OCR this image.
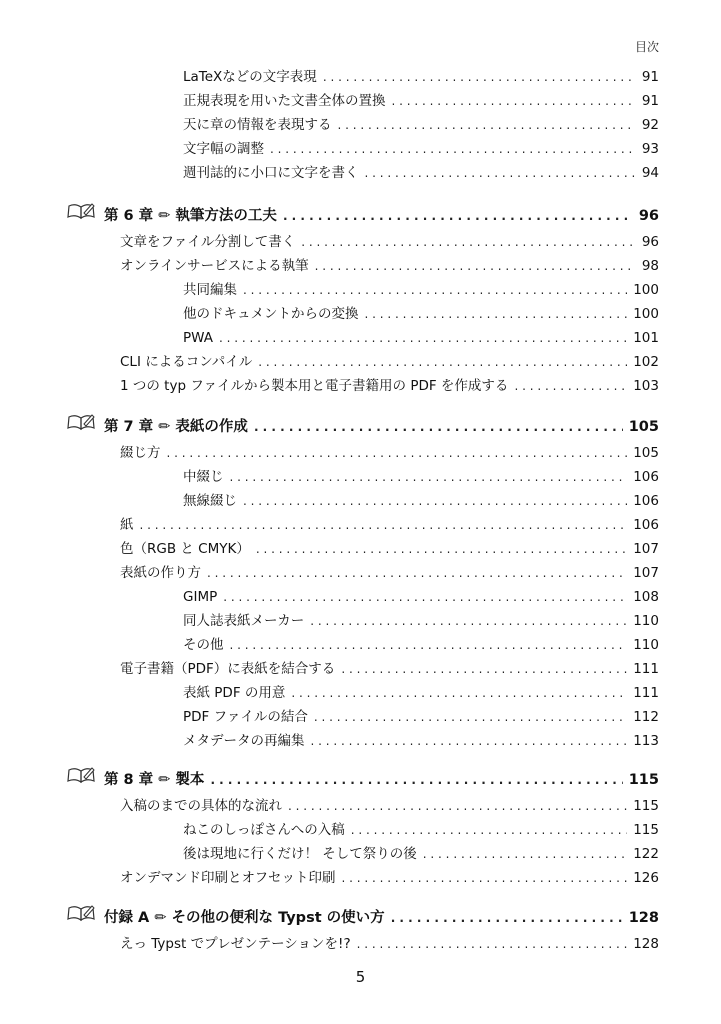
目次
LaTeXなどの文字表現 . . .	91
正規表現を用いた文書全体の置換 . . .	91
天に章の情報を表現する . . .	92
文字幅の調整 . . .	93
週刊誌的に小口に文字を書く . . .	94
第 6 章 ✏ 執筆方法の工夫 . . .	96
文章をファイル分割して書く . . .	96
オンラインサービスによる執筆 . . .	98
共同編集 . . .	100
他のドキュメントからの変換 . . .	100
PWA . . .	101
CLI によるコンパイル . . .	102
1 つの typ ファイルから製本用と電子書籍用の PDF を作成する . . .	103
第 7 章 ✏ 表紙の作成 . . .	105
綴じ方 . . .	105
中綴じ . . .	106
無線綴じ . . .	106
紙 . . .	106
色（RGB と CMYK） . . .	107
表紙の作り方 . . .	107
GIMP . . .	108
同人誌表紙メーカー . . .	110
その他 . . .	110
電子書籍（PDF）に表紙を結合する . . .	111
表紙 PDF の用意 . . .	111
PDF ファイルの結合 . . .	112
メタデータの再編集 . . .	113
第 8 章 ✏ 製本 . . .	115
入稿のまでの具体的な流れ . . .	115
ねこのしっぽさんへの入稿 . . .	115
後は現地に行くだけ！ そして祭りの後 . . .	122
オンデマンド印刷とオフセット印刷 . . .	126
付録 A ✏ その他の便利な Typst の使い方 . . .	128
えっ Typst でプレゼンテーションを!? . . .	128
5
